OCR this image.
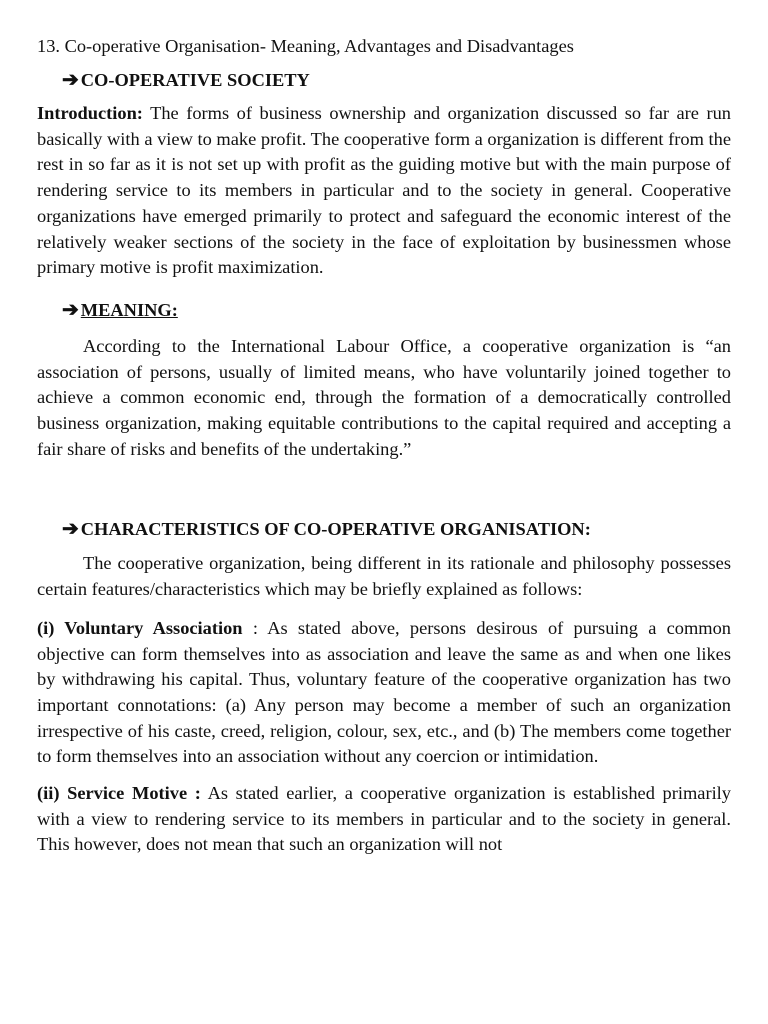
13. Co-operative Organisation- Meaning, Advantages and Disadvantages
➔ CO-OPERATIVE SOCIETY

Introduction: The forms of business ownership and organization discussed so far are run basically with a view to make profit. The cooperative form a organization is different from the rest in so far as it is not set up with profit as the guiding motive but with the main purpose of rendering service to its members in particular and to the society in general. Cooperative organizations have emerged primarily to protect and safeguard the economic interest of the relatively weaker sections of the society in the face of exploitation by businessmen whose primary motive is profit maximization.

➔ MEANING:

According to the International Labour Office, a cooperative organization is “an association of persons, usually of limited means, who have voluntarily joined together to achieve a common economic end, through the formation of a democratically controlled business organization, making equitable contributions to the capital required and accepting a fair share of risks and benefits of the undertaking.”

➔ CHARACTERISTICS OF CO-OPERATIVE ORGANISATION:

The cooperative organization, being different in its rationale and philosophy possesses certain features/characteristics which may be briefly explained as follows:

(i) Voluntary Association : As stated above, persons desirous of pursuing a common objective can form themselves into as association and leave the same as and when one likes by withdrawing his capital. Thus, voluntary feature of the cooperative organization has two important connotations: (a) Any person may become a member of such an organization irrespective of his caste, creed, religion, colour, sex, etc., and (b) The members come together to form themselves into an association without any coercion or intimidation.

(ii) Service Motive : As stated earlier, a cooperative organization is established primarily with a view to rendering service to its members in particular and to the society in general. This however, does not mean that such an organization will not
